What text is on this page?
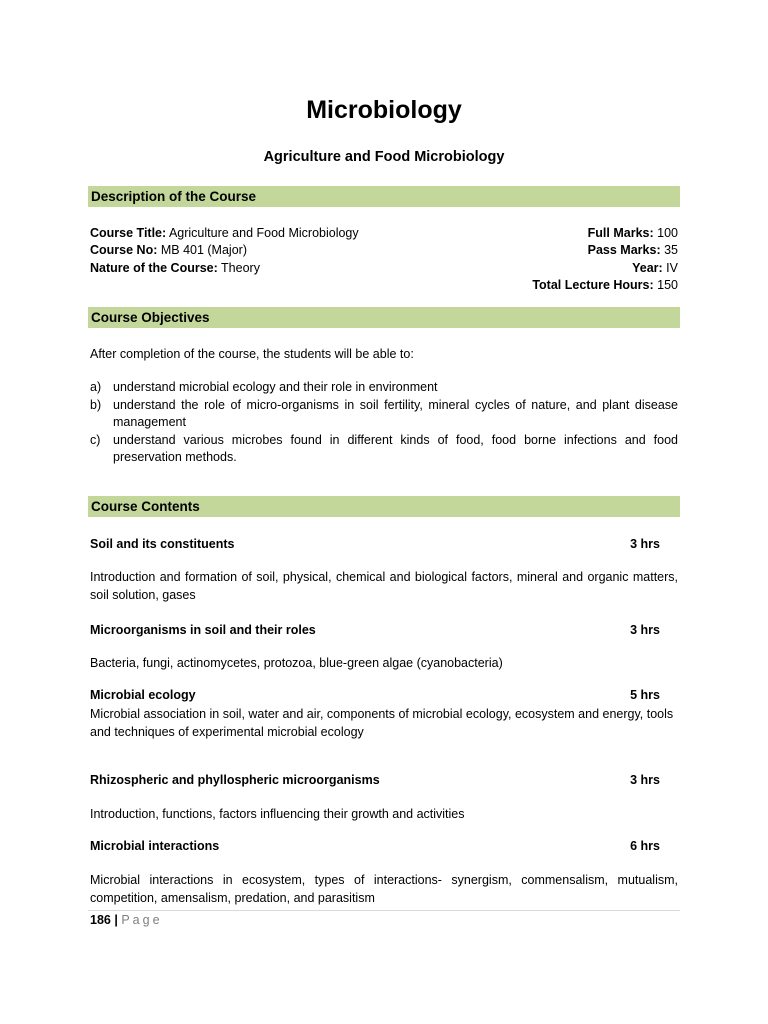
Microbiology
Agriculture and Food Microbiology
Description of the Course
Course Title: Agriculture and Food Microbiology
Course No: MB 401 (Major)
Nature of the Course: Theory
Full Marks: 100
Pass Marks: 35
Year: IV
Total Lecture Hours: 150
Course Objectives
After completion of the course, the students will be able to:
a) understand microbial ecology and their role in environment
b) understand the role of micro-organisms in soil fertility, mineral cycles of nature, and plant disease management
c)	understand various microbes found in different kinds of food, food borne infections and food preservation methods.
Course Contents
Soil and its constituents	3 hrs
Introduction and formation of soil, physical, chemical and biological factors, mineral and organic matters, soil solution, gases
Microorganisms in soil and their roles	3 hrs
Bacteria, fungi, actinomycetes, protozoa, blue-green algae (cyanobacteria)
Microbial ecology	5 hrs
Microbial association in soil, water and air, components of microbial ecology, ecosystem and energy, tools and techniques of experimental microbial ecology
Rhizospheric and phyllospheric microorganisms	3 hrs
Introduction, functions, factors influencing their growth and activities
Microbial interactions	6 hrs
Microbial interactions in ecosystem, types of interactions- synergism, commensalism, mutualism, competition, amensalism, predation, and parasitism
186 | Page
